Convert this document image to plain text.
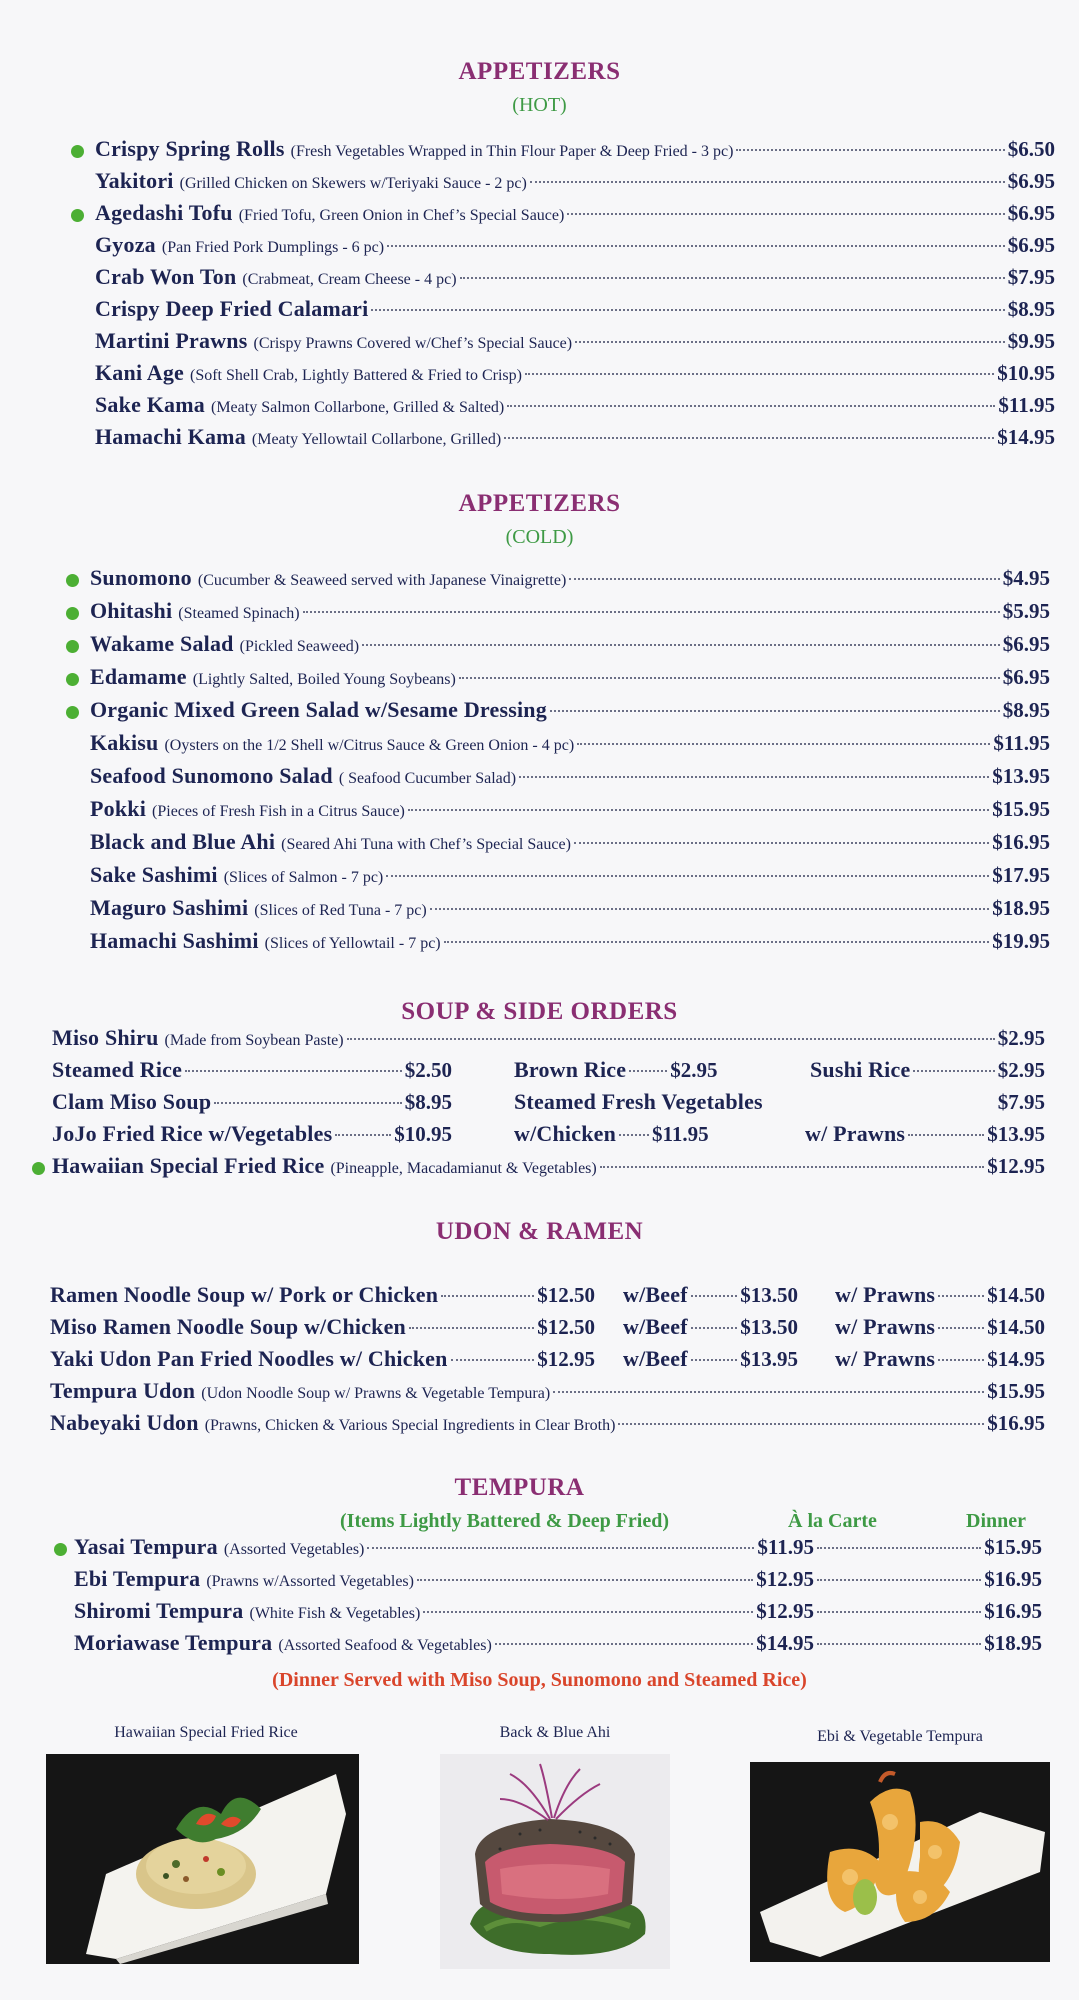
APPETIZERS
(HOT)
Crispy Spring Rolls (Fresh Vegetables Wrapped in Thin Flour Paper & Deep Fried - 3 pc)	$6.50
Yakitori (Grilled Chicken on Skewers w/Teriyaki Sauce - 2 pc)	$6.95
Agedashi Tofu (Fried Tofu, Green Onion in Chef’s Special Sauce)	$6.95
Gyoza (Pan Fried Pork Dumplings - 6 pc)	$6.95
Crab Won Ton (Crabmeat, Cream Cheese - 4 pc)	$7.95
Crispy Deep Fried Calamari	$8.95
Martini Prawns (Crispy Prawns Covered w/Chef’s Special Sauce)	$9.95
Kani Age (Soft Shell Crab, Lightly Battered & Fried to Crisp)	$10.95
Sake Kama (Meaty Salmon Collarbone, Grilled & Salted)	$11.95
Hamachi Kama (Meaty Yellowtail Collarbone, Grilled)	$14.95
APPETIZERS
(COLD)
Sunomono (Cucumber & Seaweed served with Japanese Vinaigrette)	$4.95
Ohitashi (Steamed Spinach)	$5.95
Wakame Salad (Pickled Seaweed)	$6.95
Edamame (Lightly Salted, Boiled Young Soybeans)	$6.95
Organic Mixed Green Salad w/Sesame Dressing	$8.95
Kakisu (Oysters on the 1/2 Shell w/Citrus Sauce & Green Onion - 4 pc)	$11.95
Seafood Sunomono Salad ( Seafood Cucumber Salad)	$13.95
Pokki (Pieces of Fresh Fish in a Citrus Sauce)	$15.95
Black and Blue Ahi (Seared Ahi Tuna with Chef’s Special Sauce)	$16.95
Sake Sashimi (Slices of Salmon - 7 pc)	$17.95
Maguro Sashimi (Slices of Red Tuna - 7 pc)	$18.95
Hamachi Sashimi (Slices of Yellowtail - 7 pc)	$19.95
SOUP & SIDE ORDERS
Miso Shiru (Made from Soybean Paste)	$2.95
Steamed Rice	$2.50	Brown Rice $2.95	Sushi Rice	$2.95
Clam Miso Soup	$8.95	Steamed Fresh Vegetables	$7.95
JoJo Fried Rice w/Vegetables	$10.95	w/Chicken $11.95	w/ Prawns	$13.95
Hawaiian Special Fried Rice (Pineapple, Macadamianut & Vegetables)	$12.95
UDON & RAMEN
Ramen Noodle Soup w/ Pork or Chicken	$12.50 w/Beef	$13.50 w/ Prawns $14.50
Miso Ramen Noodle Soup w/Chicken	$12.50 w/Beef	$13.50 w/ Prawns $14.50
Yaki Udon Pan Fried Noodles w/ Chicken	$12.95 w/Beef	$13.95 w/ Prawns $14.95
Tempura Udon (Udon Noodle Soup w/ Prawns & Vegetable Tempura)	$15.95
Nabeyaki Udon (Prawns, Chicken & Various Special Ingredients in Clear Broth)	$16.95
TEMPURA
(Items Lightly Battered & Deep Fried)	À la Carte	Dinner
Yasai Tempura (Assorted Vegetables)	$11.95	$15.95
Ebi Tempura (Prawns w/Assorted Vegetables)	$12.95	$16.95
Shiromi Tempura (White Fish & Vegetables)	$12.95	$16.95
Moriawase Tempura (Assorted Seafood & Vegetables)	$14.95	$18.95
(Dinner Served with Miso Soup, Sunomono and Steamed Rice)
Hawaiian Special Fried Rice	Back & Blue Ahi	Ebi & Vegetable Tempura
